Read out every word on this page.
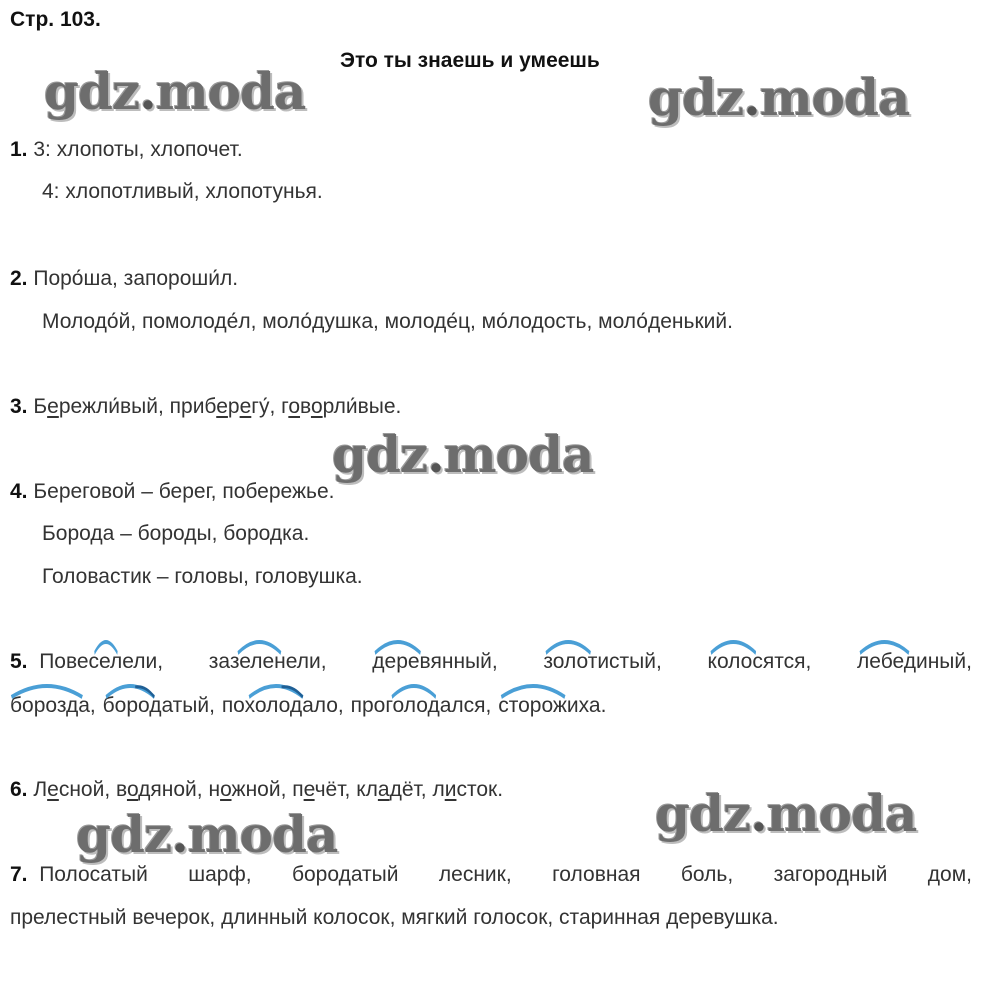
Стр. 103.
Это ты знаешь и умеешь
gdz.moda	gdz.moda
gdz.moda
gdz.moda
gdz.moda
1. 3: хлопоты, хлопочет.
4: хлопотливый, хлопотунья.
2. Поро́ша, запороши́л.
Молодо́й, помолоде́л, моло́душка, молоде́ц, мо́лодость, моло́денький.
3. Бережли́вый, приберегу́, говорли́вые.
4. Береговой – берег, побережье.
Борода – бороды, бородка.
Головастик – головы, головушка.
5. Повеселели, зазеленели, деревянный, золотистый, колосятся, лебединый,
борозда, бородатый, похолодало, проголодался, сторожиха.
6. Лесной, водяной, ножной, печёт, кладёт, листок.
7. Полосатый шарф, бородатый лесник, головная боль, загородный дом,
прелестный вечерок, длинный колосок, мягкий голосок, старинная деревушка.
